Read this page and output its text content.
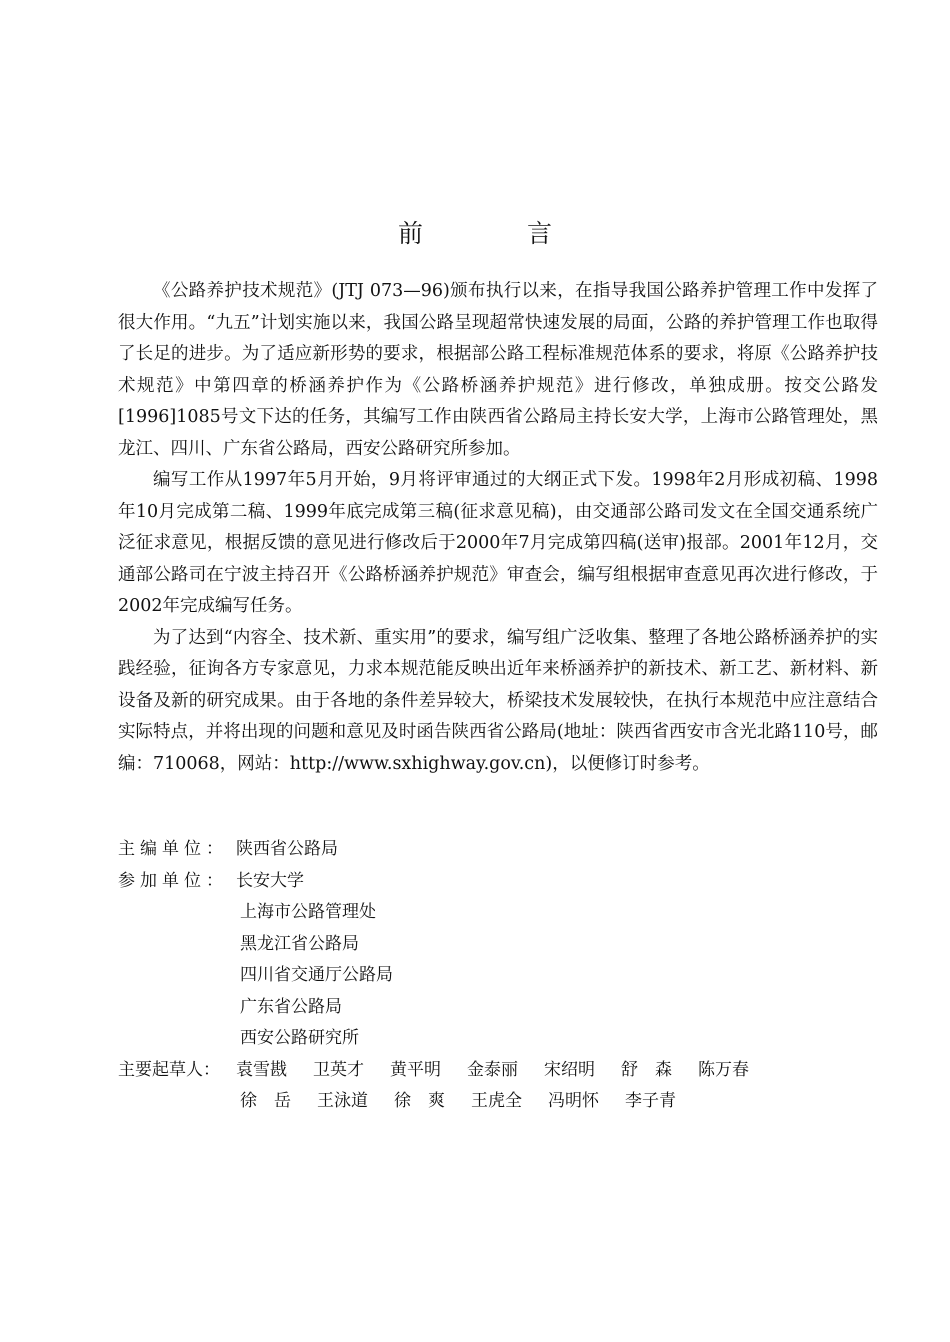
前 言

《公路养护技术规范》(JTJ 073—96)颁布执行以来，在指导我国公路养护管理工作中发挥了很大作用。“九五”计划实施以来，我国公路呈现超常快速发展的局面，公路的养护管理工作也取得了长足的进步。为了适应新形势的要求，根据部公路工程标准规范体系的要求，将原《公路养护技术规范》中第四章的桥涵养护作为《公路桥涵养护规范》进行修改，单独成册。按交公路发[1996]1085号文下达的任务，其编写工作由陕西省公路局主持长安大学，上海市公路管理处，黑龙江、四川、广东省公路局，西安公路研究所参加。

编写工作从1997年5月开始，9月将评审通过的大纲正式下发。1998年2月形成初稿、1998年10月完成第二稿、1999年底完成第三稿(征求意见稿)，由交通部公路司发文在全国交通系统广泛征求意见，根据反馈的意见进行修改后于2000年7月完成第四稿(送审)报部。2001年12月，交通部公路司在宁波主持召开《公路桥涵养护规范》审查会，编写组根据审查意见再次进行修改，于2002年完成编写任务。

为了达到“内容全、技术新、重实用”的要求，编写组广泛收集、整理了各地公路桥涵养护的实践经验，征询各方专家意见，力求本规范能反映出近年来桥涵养护的新技术、新工艺、新材料、新设备及新的研究成果。由于各地的条件差异较大，桥梁技术发展较快，在执行本规范中应注意结合实际特点，并将出现的问题和意见及时函告陕西省公路局(地址：陕西省西安市含光北路110号，邮编：710068，网站：http://www.sxhighway.gov.cn)，以便修订时参考。

主编单位： 陕西省公路局
参加单位： 长安大学
上海市公路管理处
黑龙江省公路局
四川省交通厅公路局
广东省公路局
西安公路研究所
主要起草人： 袁雪戡 卫英才 黄平明 金泰丽 宋绍明 舒　森 陈万春
徐　岳 王泳道 徐　爽 王虎全 冯明怀 李子青
